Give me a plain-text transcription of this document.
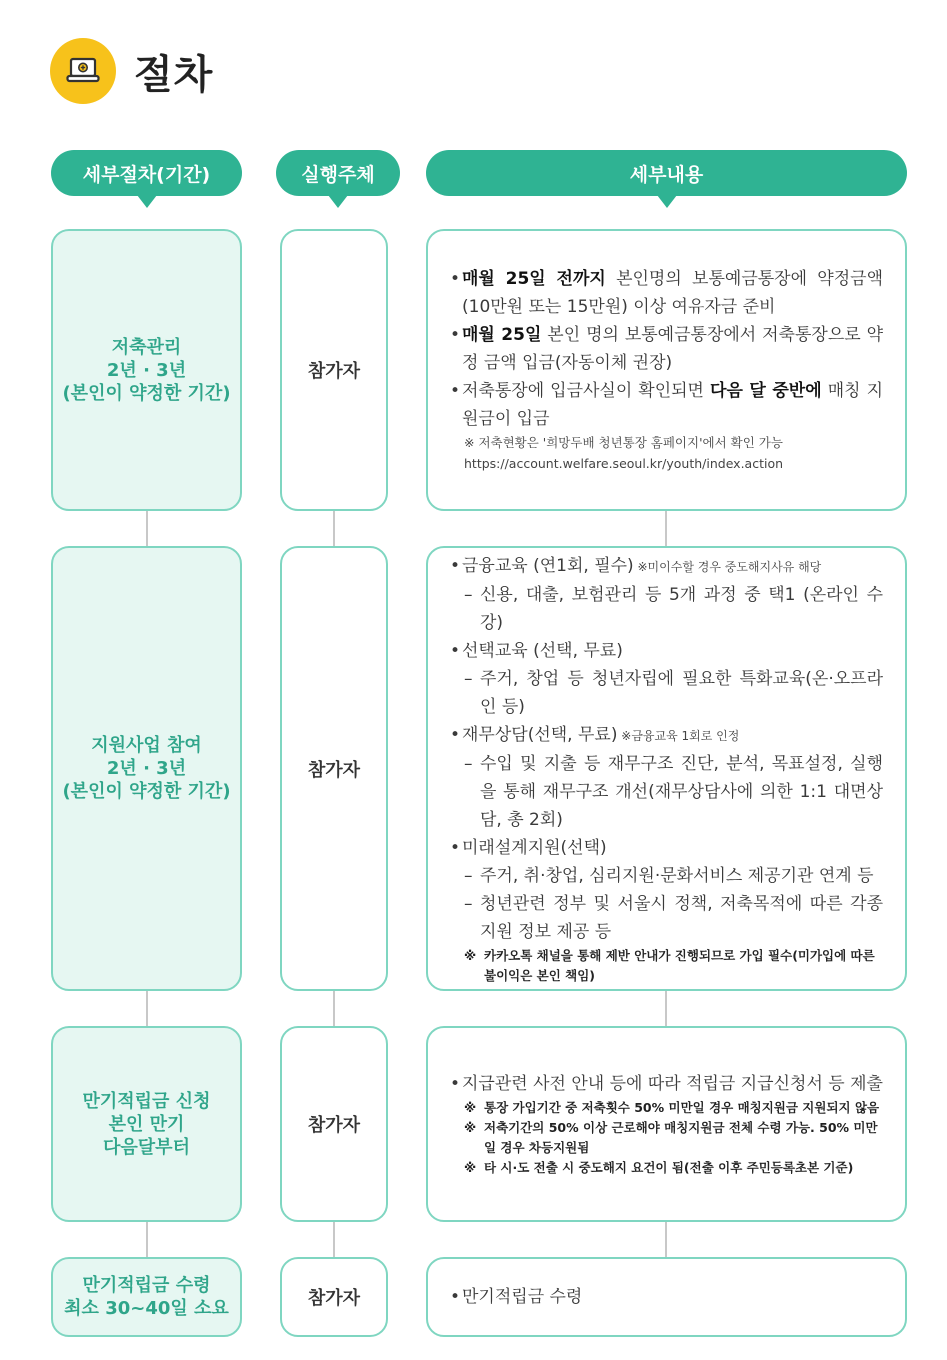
절차
세부절차(기간)	실행주체	세부내용
저축관리
2년 · 3년
(본인이 약정한 기간)
참가자
• 매월 25일 전까지 본인명의 보통예금통장에 약정금액 (10만원 또는 15만원) 이상 여유자금 준비
• 매월 25일 본인 명의 보통예금통장에서 저축통장으로 약정 금액 입금(자동이체 권장)
• 저축통장에 입금사실이 확인되면 다음 달 중반에 매칭 지원금이 입금
※ 저축현황은 '희망두배 청년통장 홈페이지'에서 확인 가능
https://account.welfare.seoul.kr/youth/index.action
지원사업 참여
2년 · 3년
(본인이 약정한 기간)
참가자
• 금융교육 (연1회, 필수) ※미이수할 경우 중도해지사유 해당
– 신용, 대출, 보험관리 등 5개 과정 중 택1 (온라인 수강)
• 선택교육 (선택, 무료)
– 주거, 창업 등 청년자립에 필요한 특화교육(온·오프라인 등)
• 재무상담(선택, 무료) ※금융교육 1회로 인정
– 수입 및 지출 등 재무구조 진단, 분석, 목표설정, 실행을 통해 재무구조 개선(재무상담사에 의한 1:1 대면상담, 총 2회)
• 미래설계지원(선택)
– 주거, 취·창업, 심리지원·문화서비스 제공기관 연계 등
– 청년관련 정부 및 서울시 정책, 저축목적에 따른 각종 지원 정보 제공 등
※ 카카오톡 채널을 통해 제반 안내가 진행되므로 가입 필수(미가입에 따른 불이익은 본인 책임)
만기적립금 신청
본인 만기
다음달부터
참가자
• 지급관련 사전 안내 등에 따라 적립금 지급신청서 등 제출
※ 통장 가입기간 중 저축횟수 50% 미만일 경우 매칭지원금 지원되지 않음
※ 저축기간의 50% 이상 근로해야 매칭지원금 전체 수령 가능. 50% 미만일 경우 차등지원됨
※ 타 시·도 전출 시 중도해지 요건이 됨(전출 이후 주민등록초본 기준)
만기적립금 수령
최소 30~40일 소요	참가자
•	만기적립금 수령
